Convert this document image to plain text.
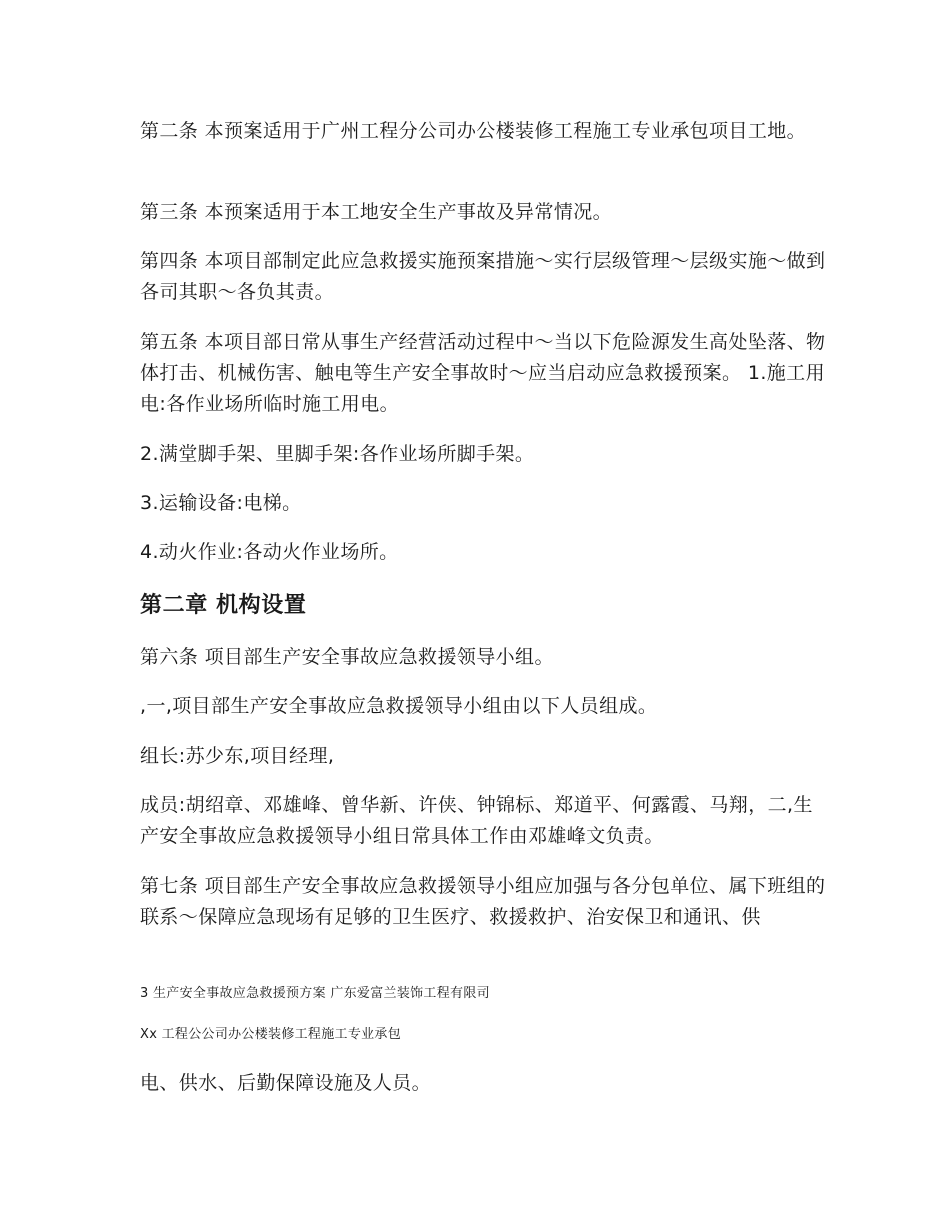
第二条 本预案适用于广州工程分公司办公楼装修工程施工专业承包项目工地。

第三条 本预案适用于本工地安全生产事故及异常情况。

第四条 本项目部制定此应急救援实施预案措施～实行层级管理～层级实施～做到各司其职～各负其责。

第五条 本项目部日常从事生产经营活动过程中～当以下危险源发生高处坠落、物体打击、机械伤害、触电等生产安全事故时～应当启动应急救援预案。 1.施工用电:各作业场所临时施工用电。

2.满堂脚手架、里脚手架:各作业场所脚手架。

3.运输设备:电梯。

4.动火作业:各动火作业场所。

第二章 机构设置

第六条 项目部生产安全事故应急救援领导小组。

,一,项目部生产安全事故应急救援领导小组由以下人员组成。

组长:苏少东,项目经理,

成员:胡绍章、邓雄峰、曾华新、许侠、钟锦标、郑道平、何露霞、马翔，二,生产安全事故应急救援领导小组日常具体工作由邓雄峰文负责。

第七条 项目部生产安全事故应急救援领导小组应加强与各分包单位、属下班组的联系～保障应急现场有足够的卫生医疗、救援救护、治安保卫和通讯、供

3 生产安全事故应急救援预方案 广东爱富兰装饰工程有限司

Xx 工程公公司办公楼装修工程施工专业承包

电、供水、后勤保障设施及人员。
